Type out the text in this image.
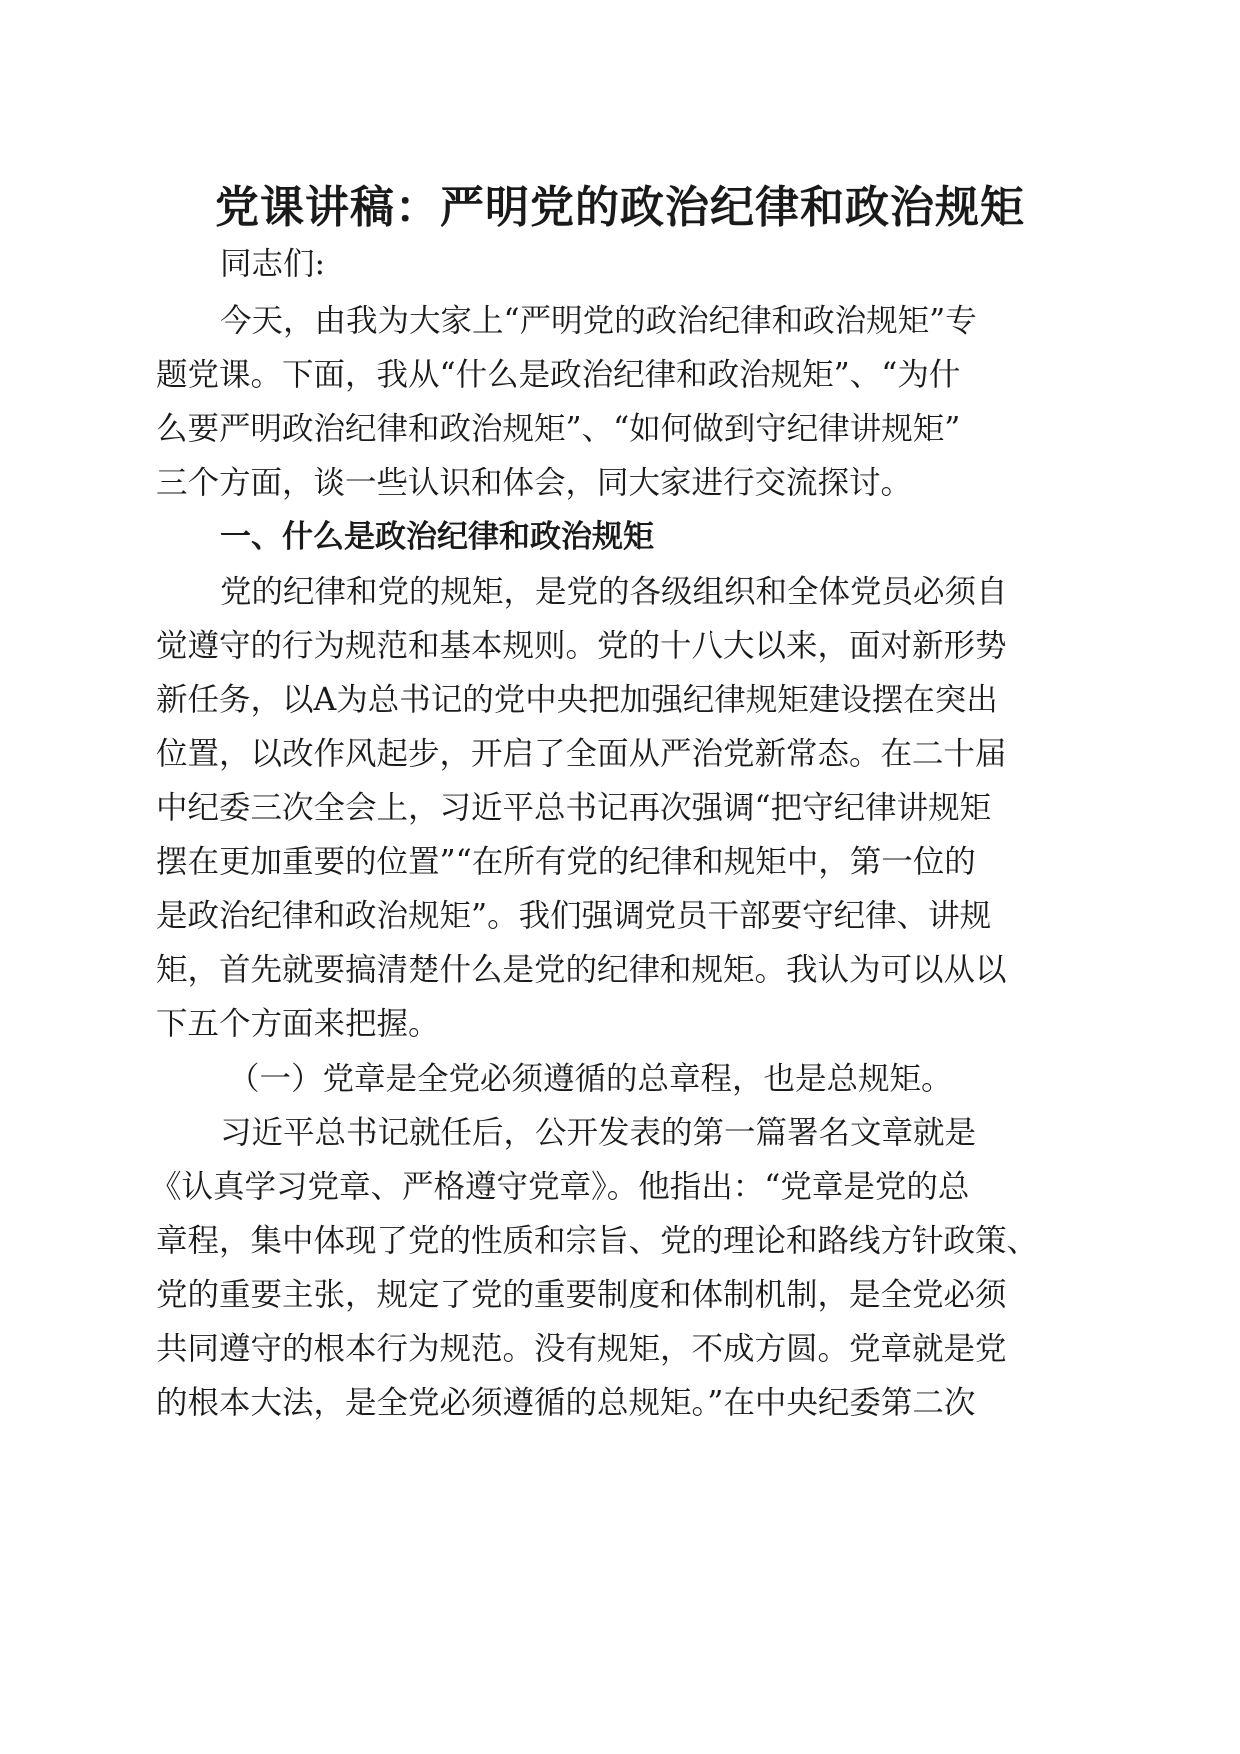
党课讲稿：严明党的政治纪律和政治规矩
同志们:
今天，由我为大家上“严明党的政治纪律和政治规矩”专
题党课。下面，我从“什么是政治纪律和政治规矩”、“为什
么要严明政治纪律和政治规矩”、“如何做到守纪律讲规矩”
三个方面，谈一些认识和体会，同大家进行交流探讨。
一、什么是政治纪律和政治规矩
党的纪律和党的规矩，是党的各级组织和全体党员必须自
觉遵守的行为规范和基本规则。党的十八大以来，面对新形势
新任务，以A为总书记的党中央把加强纪律规矩建设摆在突出
位置，以改作风起步，开启了全面从严治党新常态。在二十届
中纪委三次全会上，习近平总书记再次强调“把守纪律讲规矩
摆在更加重要的位置”“在所有党的纪律和规矩中，第一位的
是政治纪律和政治规矩”。我们强调党员干部要守纪律、讲规
矩，首先就要搞清楚什么是党的纪律和规矩。我认为可以从以
下五个方面来把握。
（一）党章是全党必须遵循的总章程，也是总规矩。
习近平总书记就任后，公开发表的第一篇署名文章就是
《认真学习党章、严格遵守党章》。他指出：“党章是党的总
章程，集中体现了党的性质和宗旨、党的理论和路线方针政策、
党的重要主张，规定了党的重要制度和体制机制，是全党必须
共同遵守的根本行为规范。没有规矩，不成方圆。党章就是党
的根本大法，是全党必须遵循的总规矩。”在中央纪委第二次
